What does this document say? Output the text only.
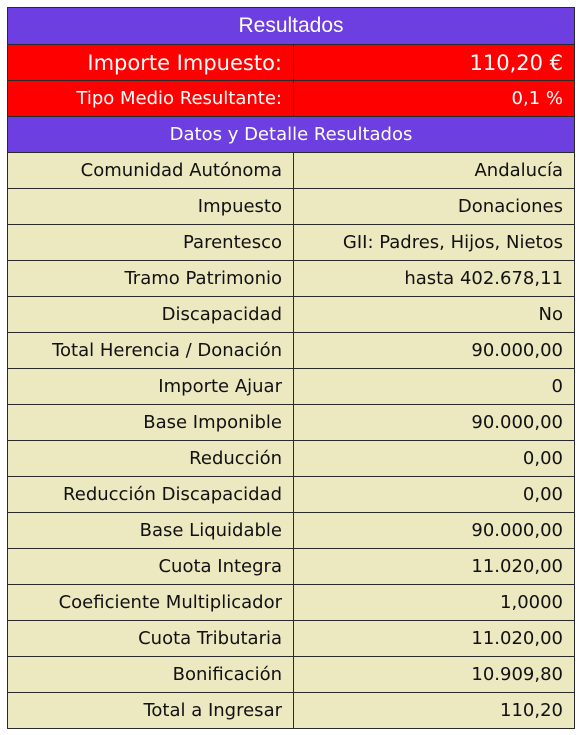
Resultados
Importe Impuesto:	110,20 €
Tipo Medio Resultante:	0,1 %
Datos y Detalle Resultados
Comunidad Autónoma	Andalucía
Impuesto	Donaciones
Parentesco	GII: Padres, Hijos, Nietos
Tramo Patrimonio	hasta 402.678,11
Discapacidad	No
Total Herencia / Donación	90.000,00
Importe Ajuar	0
Base Imponible	90.000,00
Reducción	0,00
Reducción Discapacidad	0,00
Base Liquidable	90.000,00
Cuota Integra	11.020,00
Coeficiente Multiplicador	1,0000
Cuota Tributaria	11.020,00
Bonificación	10.909,80
Total a Ingresar	110,20
